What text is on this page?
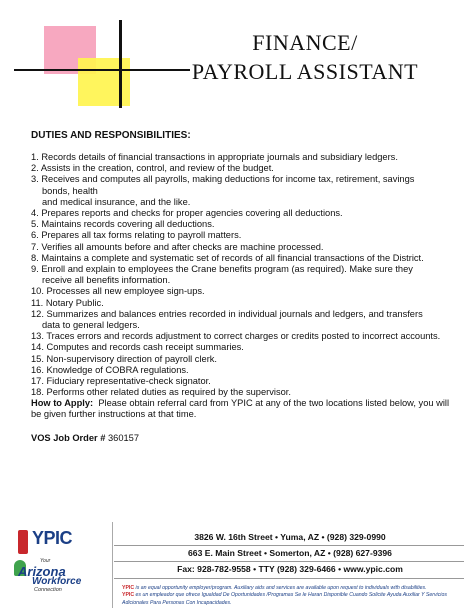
FINANCE/
PAYROLL ASSISTANT
DUTIES AND RESPONSIBILITIES:
1. Records details of financial transactions in appropriate journals and subsidiary ledgers.
2. Assists in the creation, control, and review of the budget.
3. Receives and computes all payrolls, making deductions for income tax, retirement, savings
bonds, health
and medical insurance, and the like.
4. Prepares reports and checks for proper agencies covering all deductions.
5. Maintains records covering all deductions.
6. Prepares all tax forms relating to payroll matters.
7. Verifies all amounts before and after checks are machine processed.
8. Maintains a complete and systematic set of records of all financial transactions of the District.
9. Enroll and explain to employees the Crane benefits program (as required). Make sure they
receive all benefits information.
10. Processes all new employee sign-ups.
11. Notary Public.
12. Summarizes and balances entries recorded in individual journals and ledgers, and transfers
data to general ledgers.
13. Traces errors and records adjustment to correct charges or credits posted to incorrect accounts.
14. Computes and records cash receipt summaries.
15. Non-supervisory direction of payroll clerk.
16. Knowledge of COBRA regulations.
17. Fiduciary representative-check signator.
18. Performs other related duties as required by the supervisor.
How to Apply: Please obtain referral card from YPIC at any of the two locations listed below, you will be given further instructions at that time.
VOS Job Order # 360157
YPIC
Your
Arizona
Workforce
Connection
3826 W. 16th Street • Yuma, AZ • (928) 329-0990
663 E. Main Street • Somerton, AZ • (928) 627-9396
Fax: 928-782-9558 • TTY (928) 329-6466 • www.ypic.com
YPIC is an equal opportunity employer/program. Auxiliary aids and services are available upon request to individuals with disabilities.
YPIC es un empleador que ofrece Igualdad De Oportunidades /Programas Se le Haran Disponible Cuando Solicite Ayuda Auxiliar Y Servicios Adicionales Para Personas Con Incapacidades.
